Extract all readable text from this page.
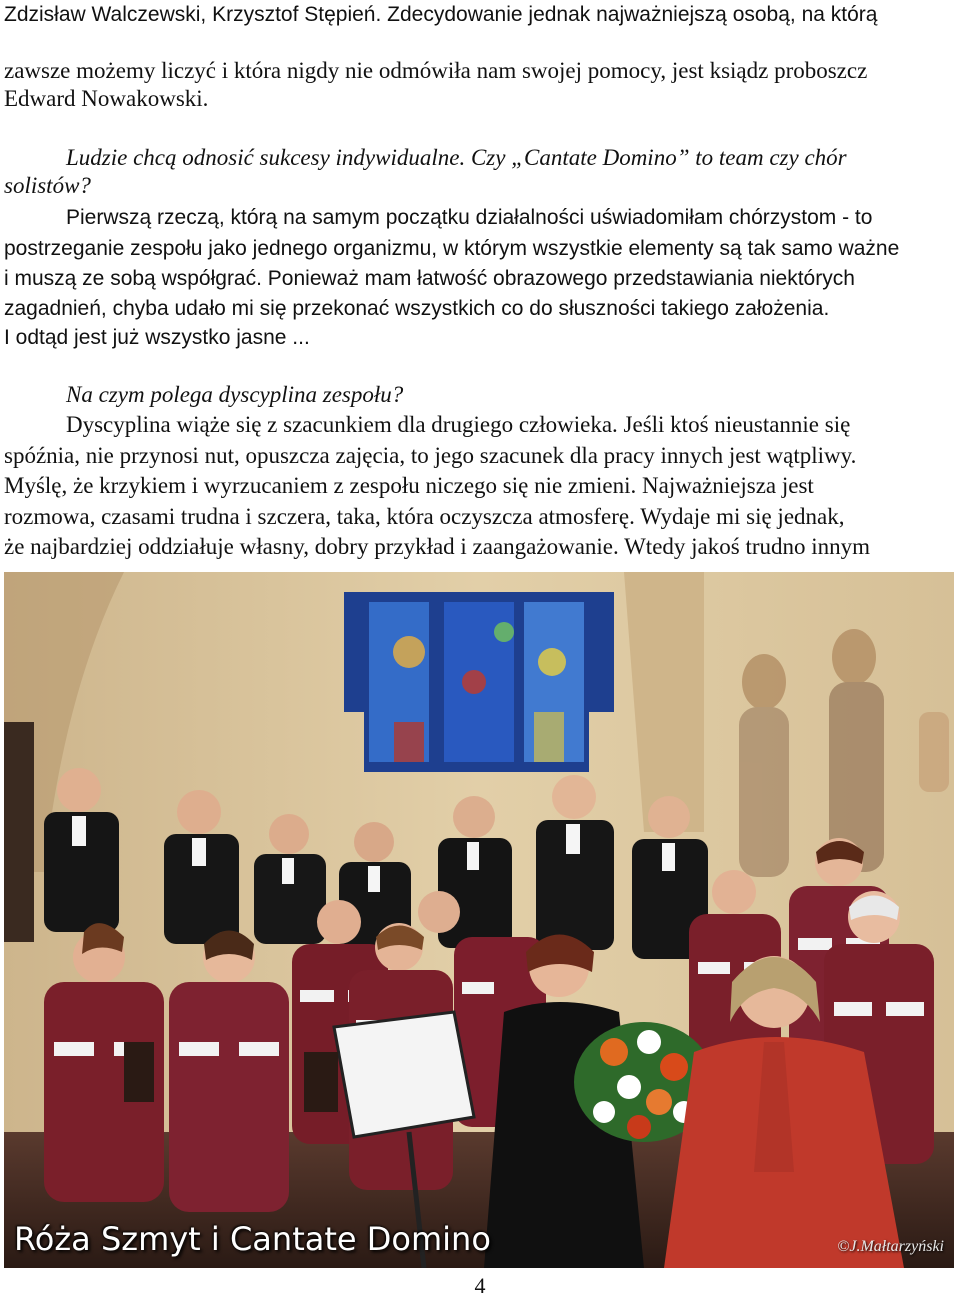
Zdzisław Walczewski, Krzysztof Stępień. Zdecydowanie jednak najważniejszą osobą, na którą
zawsze możemy liczyć i która nigdy nie odmówiła nam swojej pomocy, jest ksiądz proboszcz
Edward Nowakowski.
Ludzie chcą odnosić sukcesy indywidualne. Czy „Cantate Domino” to team czy chór
solistów?
Pierwszą rzeczą, którą na samym początku działalności uświadomiłam chórzystom - to
postrzeganie zespołu jako jednego organizmu, w którym wszystkie elementy są tak samo ważne
i muszą ze sobą współgrać. Ponieważ mam łatwość obrazowego przedstawiania niektórych
zagadnień, chyba udało mi się przekonać wszystkich co do słuszności takiego założenia.
I odtąd jest już wszystko jasne ...
Na czym polega dyscyplina zespołu?
Dyscyplina wiąże się z szacunkiem dla drugiego człowieka. Jeśli ktoś nieustannie się
spóźnia, nie przynosi nut, opuszcza zajęcia, to jego szacunek dla pracy innych jest wątpliwy.
Myślę, że krzykiem i wyrzucaniem z zespołu niczego się nie zmieni. Najważniejsza jest
rozmowa, czasami trudna i szczera, taka, która oczyszcza atmosferę. Wydaje mi się jednak,
że najbardziej oddziałuje własny, dobry przykład i zaangażowanie. Wtedy jakoś trudno innym
Róża Szmyt i Cantate Domino	©J.Małtarzyński
4
